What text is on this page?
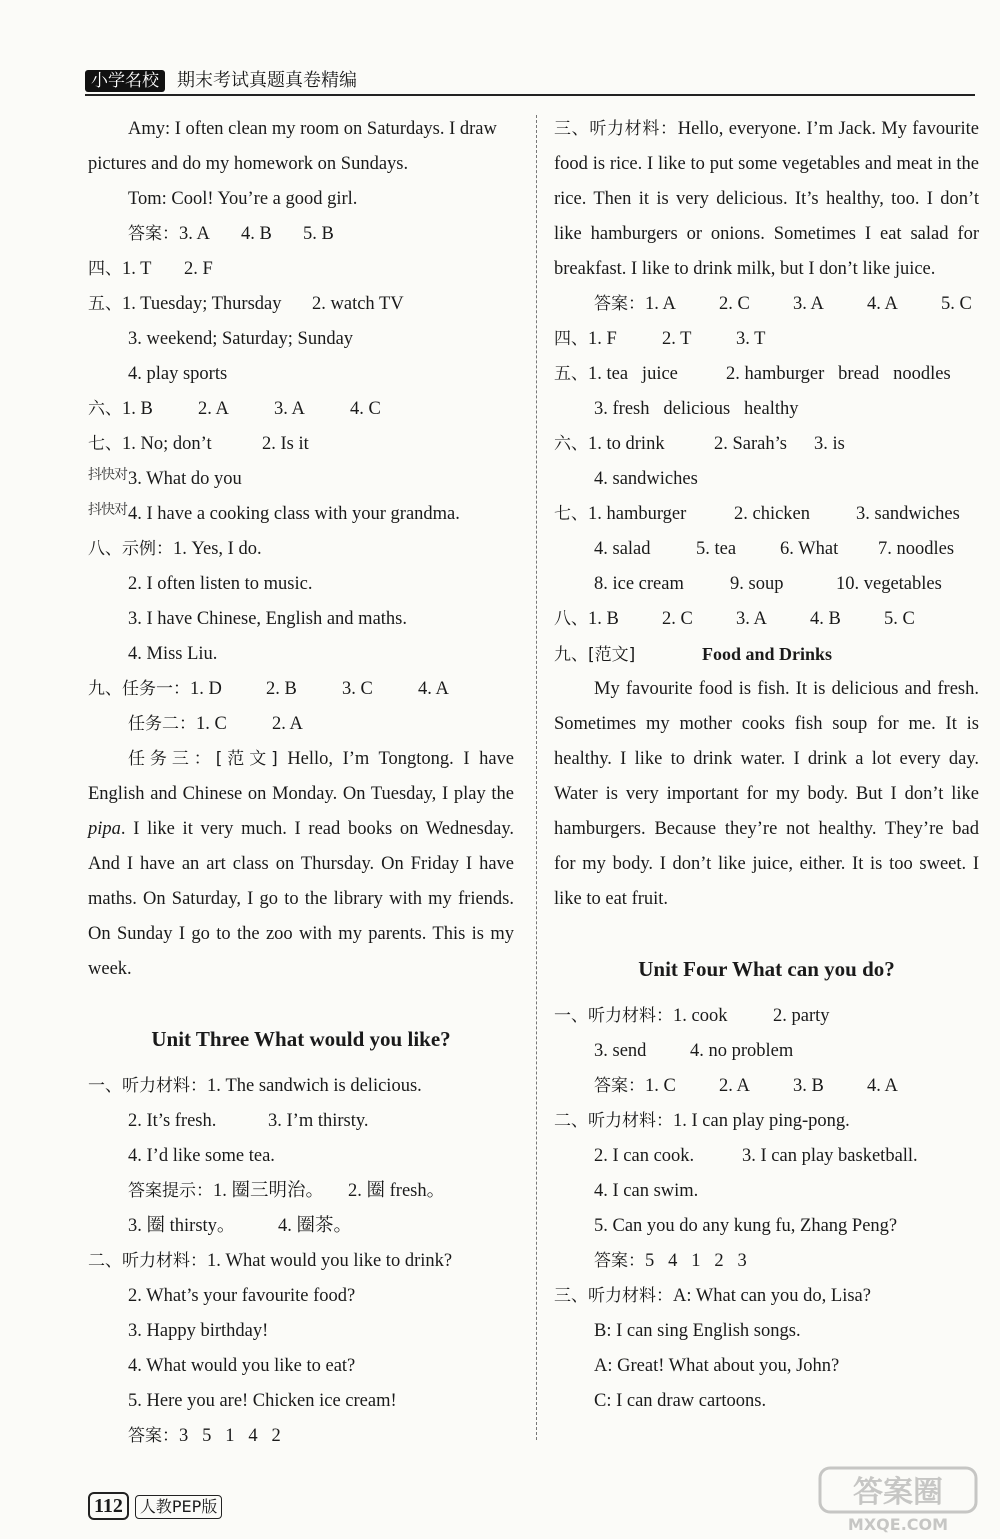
小学名校	期末考试真题真卷精编
Amy: I often clean my room on Saturdays. I draw
pictures and do my homework on Sundays.
Tom: Cool! You’re a good girl.
答案：3. A 4. B 5. B
四、1. T 2. F
五、1. Tuesday; Thursday 2. watch TV
3. weekend; Saturday; Sunday
4. play sports
六、1. B 2. A 3. A 4. C
七、1. No; don’t	2. Is it
抖快对 3. What do you
抖快对 4. I have a cooking class with your grandma.
八、示例：1. Yes, I do.
2. I often listen to music.
3. I have Chinese, English and maths.
4. Miss Liu.
九、任务一：1. D 2. B 3. C 4. A
任务二：1. C 2. A
任务三：[范文] Hello, I’m Tongtong. I have English and Chinese on Monday. On Tuesday, I play the pipa. I like it very much. I read books on Wednesday. And I have an art class on Thursday. On Friday I have maths. On Saturday, I go to the library with my friends. On Sunday I go to the zoo with my parents. This is my week.
Unit Three What would you like?
一、听力材料：1. The sandwich is delicious.
2. It’s fresh.	3. I’m thirsty.
4. I’d like some tea.
答案提示：1. 圈三明治。 2. 圈 fresh。
3. 圈 thirsty。 4. 圈茶。
二、听力材料：1. What would you like to drink?
2. What’s your favourite food?
3. Happy birthday!
4. What would you like to eat?
5. Here you are! Chicken ice cream!
答案：3   5   1   4   2
三、听力材料：Hello, everyone. I’m Jack. My favourite food is rice. I like to put some vegetables and meat in the rice. Then it is very delicious. It’s healthy, too. I don’t like hamburgers or onions. Sometimes I eat salad for breakfast. I like to drink milk, but I don’t like juice.
答案：1. A 2. C 3. A 4. A 5. C
四、1. F 2. T 3. T
五、1. tea   juice	2. hamburger   bread   noodles
3. fresh   delicious   healthy
六、1. to drink	2. Sarah’s 3. is
4. sandwiches
七、1. hamburger	2. chicken 3. sandwiches
4. salad 5. tea 6. What 7. noodles
8. ice cream 9. soup	10. vegetables
八、1. B 2. C 3. A 4. B 5. C
九、[范文]	Food and Drinks
My favourite food is fish. It is delicious and fresh. Sometimes my mother cooks fish soup for me. It is healthy. I like to drink water. I drink a lot every day. Water is very important for my body. But I don’t like hamburgers. Because they’re not healthy. They’re bad for my body. I don’t like juice, either. It is too sweet. I like to eat fruit.
Unit Four What can you do?
一、听力材料：1. cook 2. party
3. send 4. no problem
答案：1. C 2. A 3. B 4. A
二、听力材料：1. I can play ping-pong.
2. I can cook.	3. I can play basketball.
4. I can swim.
5. Can you do any kung fu, Zhang Peng?
答案：5   4   1   2   3
三、听力材料：A: What can you do, Lisa?
B: I can sing English songs.
A: Great! What about you, John?
C: I can draw cartoons.
112 人教PEP版	答案圈
MXQE.COM
